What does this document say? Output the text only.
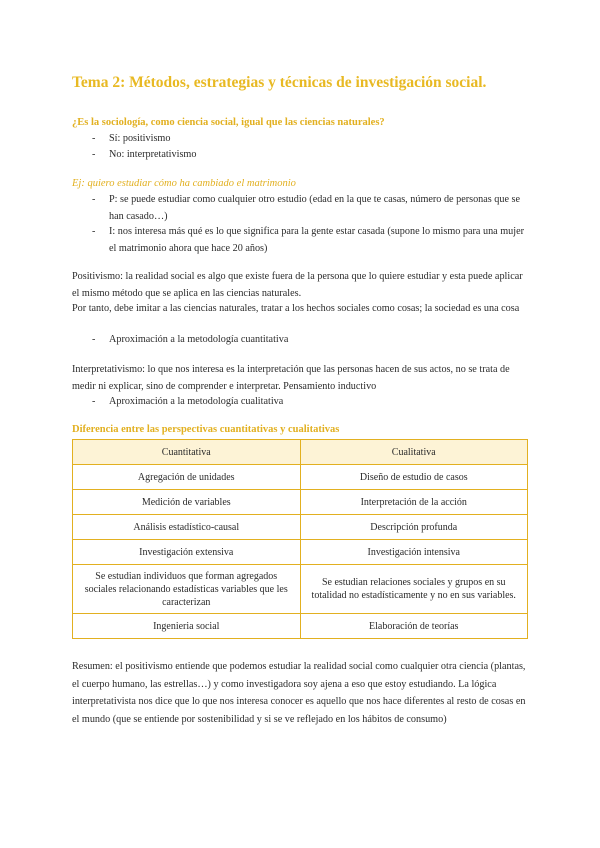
Tema 2: Métodos, estrategias y técnicas de investigación social.
¿Es la sociología, como ciencia social, igual que las ciencias naturales?
- Sí: positivismo
- No: interpretativismo
Ej: quiero estudiar cómo ha cambiado el matrimonio
- P: se puede estudiar como cualquier otro estudio (edad en la que te casas, número de personas que se han casado…)
- I: nos interesa más qué es lo que significa para la gente estar casada (supone lo mismo para una mujer el matrimonio ahora que hace 20 años)

Positivismo: la realidad social es algo que existe fuera de la persona que lo quiere estudiar y esta puede aplicar el mismo método que se aplica en las ciencias naturales.

Por tanto, debe imitar a las ciencias naturales, tratar a los hechos sociales como cosas; la sociedad es una cosa

- Aproximación a la metodología cuantitativa

Interpretativismo: lo que nos interesa es la interpretación que las personas hacen de sus actos, no se trata de medir ni explicar, sino de comprender e interpretar. Pensamiento inductivo

- Aproximación a la metodología cualitativa
Diferencia entre las perspectivas cuantitativas y cualitativas
Cuantitativa	Cualitativa
Agregación de unidades	Diseño de estudio de casos
Medición de variables	Interpretación de la acción
Análisis estadístico-causal	Descripción profunda
Investigación extensiva	Investigación intensiva
Se estudian individuos que forman agregados sociales relacionando estadísticas variables que les caracterizan	Se estudian relaciones sociales y grupos en su totalidad no estadísticamente y no en sus variables.
Ingenieria social	Elaboración de teorías

Resumen: el positivismo entiende que podemos estudiar la realidad social como cualquier otra ciencia (plantas, el cuerpo humano, las estrellas…) y como investigadora soy ajena a eso que estoy estudiando. La lógica interpretativista nos dice que lo que nos interesa conocer es aquello que nos hace diferentes al resto de cosas en el mundo (que se entiende por sostenibilidad y si se ve reflejado en los hábitos de consumo)
